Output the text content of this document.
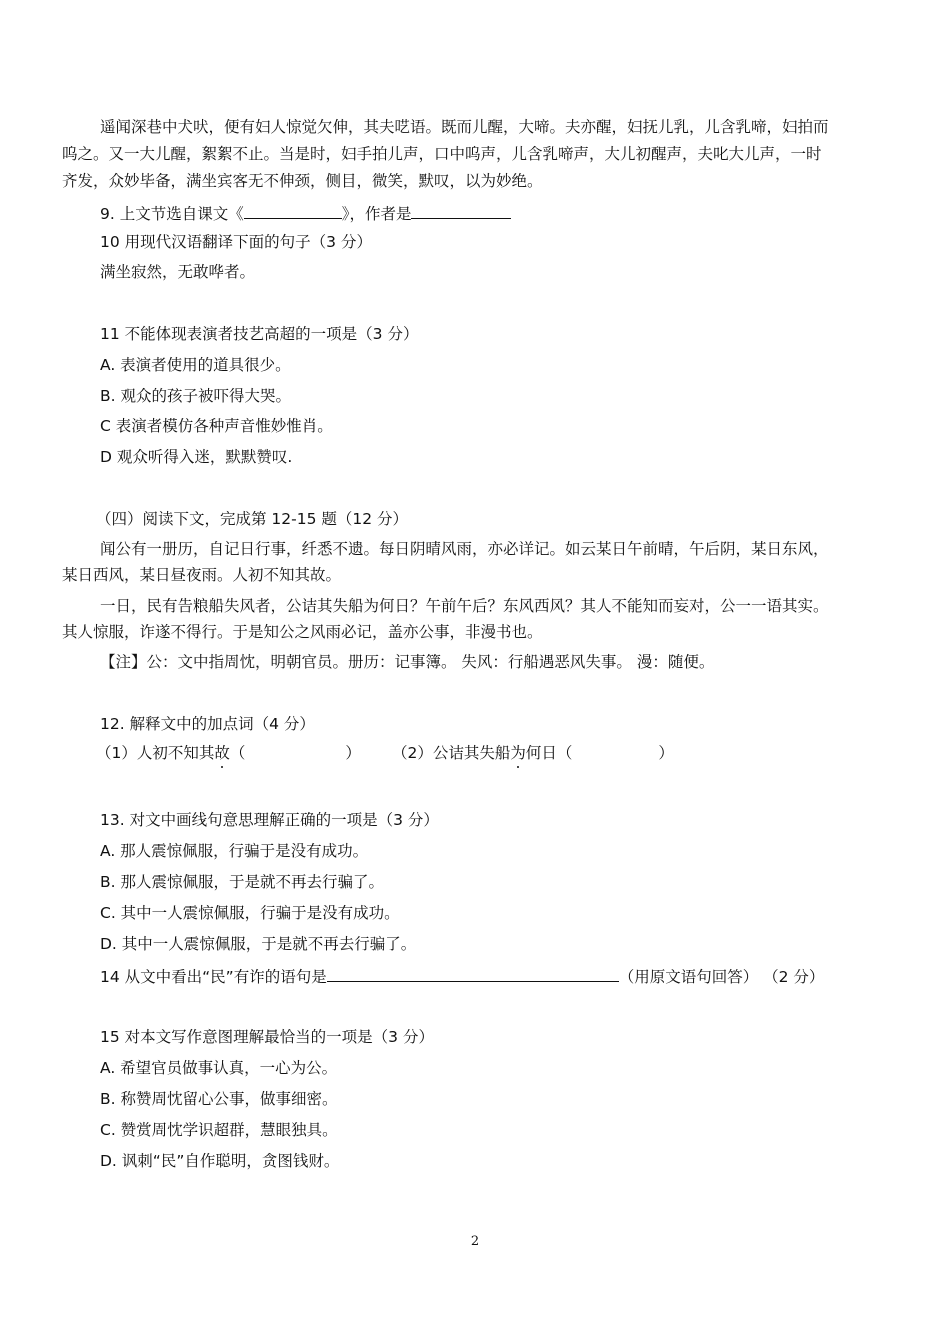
遥闻深巷中犬吠，便有妇人惊觉欠伸，其夫呓语。既而儿醒，大啼。夫亦醒，妇抚儿乳，儿含乳啼，妇拍而
呜之。又一大儿醒，絮絮不止。当是时，妇手拍儿声，口中呜声，儿含乳啼声，大儿初醒声，夫叱大儿声，一时
齐发，众妙毕备，满坐宾客无不伸颈，侧目，微笑，默叹，以为妙绝。
9. 上文节选自课文《	》，作者是
10 用现代汉语翻译下面的句子（3 分）
满坐寂然，无敢哗者。
11 不能体现表演者技艺高超的一项是（3 分）
A. 表演者使用的道具很少。
B. 观众的孩子被吓得大哭。
C 表演者模仿各种声音惟妙惟肖。
D 观众听得入迷，默默赞叹.
（四）阅读下文，完成第 12-15 题（12 分）
闻公有一册历，自记日行事，纤悉不遗。每日阴晴风雨，亦必详记。如云某日午前晴，午后阴，某日东风，
某日西风，某日昼夜雨。人初不知其故。
一日，民有告粮船失风者，公诘其失船为何日？午前午后？东风西风？其人不能知而妄对，公一一语其实。
其人惊服，诈遂不得行。于是知公之风雨必记，盖亦公事，非漫书也。
【注】公：文中指周忱，明朝官员。册历：记事簿。 失风：行船遇恶风失事。 漫：随便。
12. 解释文中的加点词（4 分）
（1）人初不知其故（	） （2）公诘其失船为何日（	）
13. 对文中画线句意思理解正确的一项是（3 分）
A. 那人震惊佩服，行骗于是没有成功。
B. 那人震惊佩服，于是就不再去行骗了。
C. 其中一人震惊佩服，行骗于是没有成功。
D. 其中一人震惊佩服，于是就不再去行骗了。
14 从文中看出“民”有诈的语句是	（用原文语句回答） （2 分）
15 对本文写作意图理解最恰当的一项是（3 分）
A. 希望官员做事认真，一心为公。
B. 称赞周忱留心公事，做事细密。
C. 赞赏周忱学识超群，慧眼独具。
D. 讽刺“民”自作聪明，贪图钱财。
2
